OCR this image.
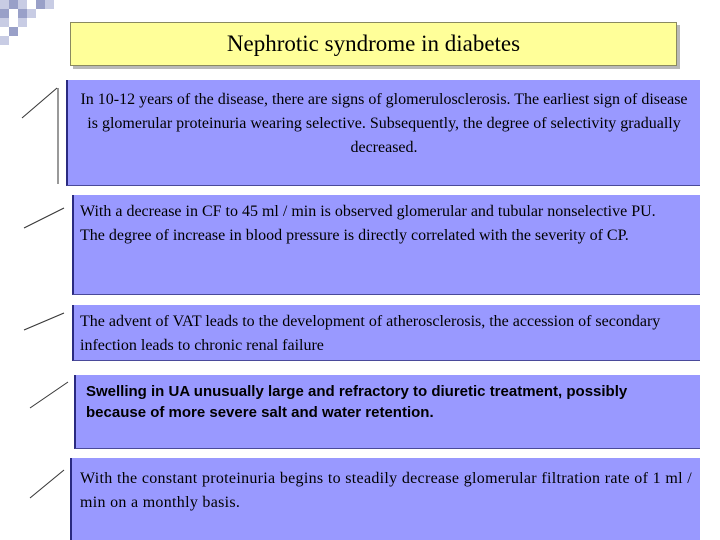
Nephrotic syndrome in diabetes
In 10-12 years of the disease, there are signs of glomerulosclerosis. The earliest sign of disease is glomerular proteinuria wearing selective. Subsequently, the degree of selectivity gradually decreased.
With a decrease in CF to 45 ml / min is observed glomerular and tubular nonselective PU.
The degree of increase in blood pressure is directly correlated with the severity of CP.
The advent of VAT leads to the development of atherosclerosis, the accession of secondary infection leads to chronic renal failure
Swelling in UA unusually large and refractory to diuretic treatment, possibly because of more severe salt and water retention.
With the constant proteinuria begins to steadily decrease glomerular filtration rate of 1 ml / min on a monthly basis.
